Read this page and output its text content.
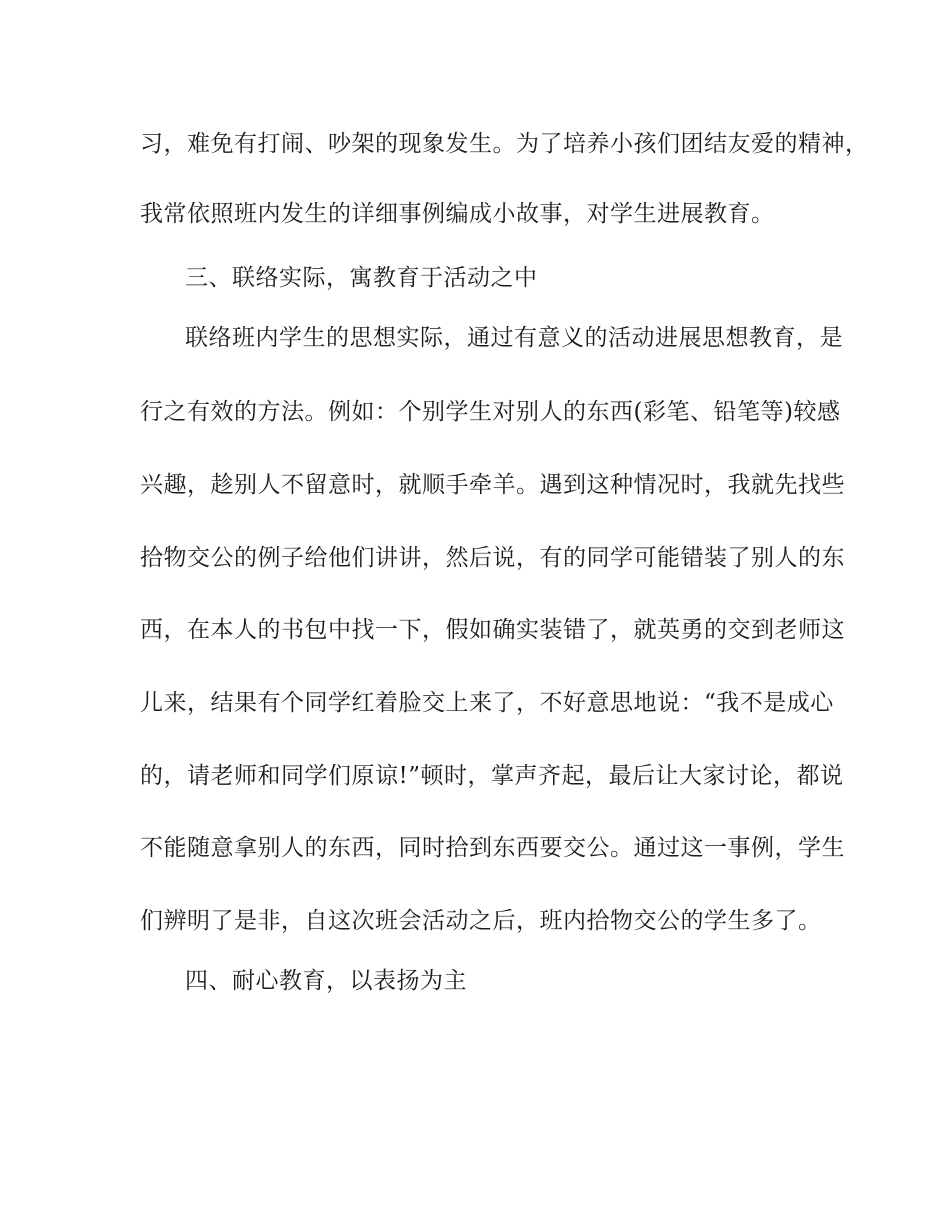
习，难免有打闹、吵架的现象发生。为了培养小孩们团结友爱的精神，
我常依照班内发生的详细事例编成小故事，对学生进展教育。
三、联络实际，寓教育于活动之中
联络班内学生的思想实际，通过有意义的活动进展思想教育，是
行之有效的方法。例如：个别学生对别人的东西(彩笔、铅笔等)较感
兴趣，趁别人不留意时，就顺手牵羊。遇到这种情况时，我就先找些
拾物交公的例子给他们讲讲，然后说，有的同学可能错装了别人的东
西，在本人的书包中找一下，假如确实装错了，就英勇的交到老师这
儿来，结果有个同学红着脸交上来了，不好意思地说：“我不是成心
的，请老师和同学们原谅!”顿时，掌声齐起，最后让大家讨论，都说
不能随意拿别人的东西，同时拾到东西要交公。通过这一事例，学生
们辨明了是非，自这次班会活动之后，班内拾物交公的学生多了。
四、耐心教育，以表扬为主
